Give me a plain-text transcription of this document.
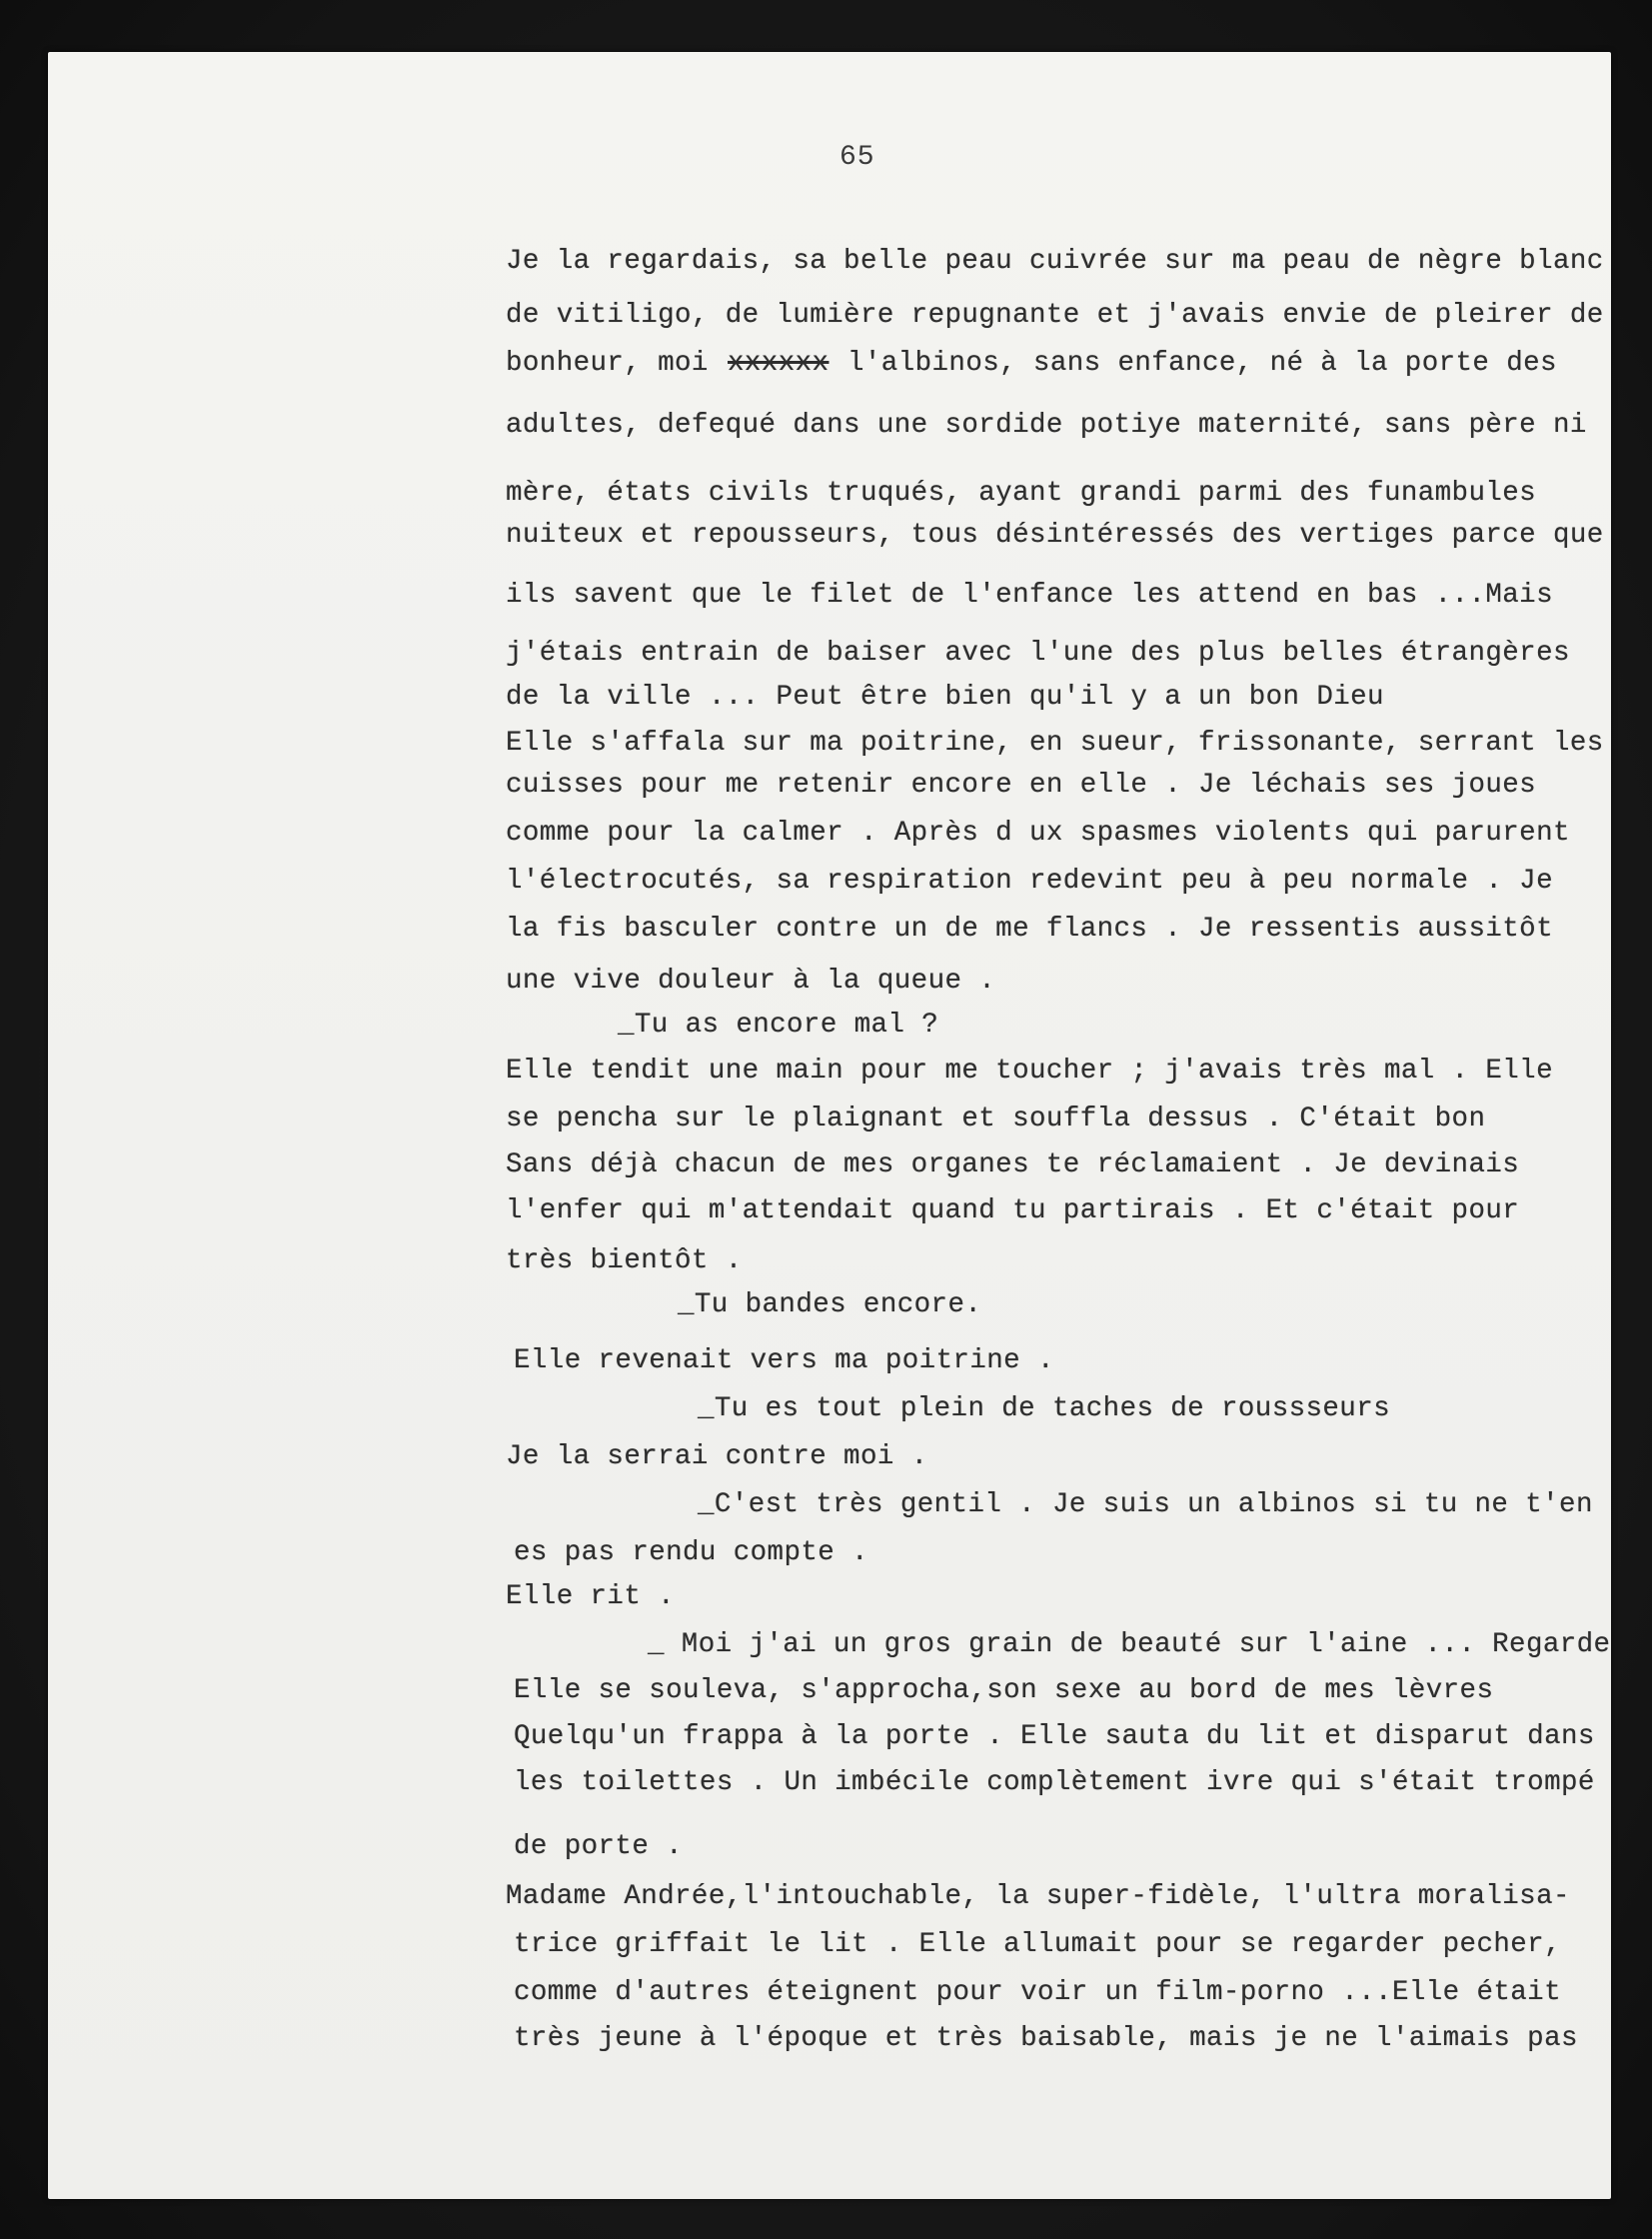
65
Je la regardais, sa belle peau cuivrée sur ma peau de nègre blanc
de vitiligo, de lumière repugnante et j'avais envie de pleirer de
bonheur, moi xxxxxx l'albinos, sans enfance, né à la porte des
adultes, defequé dans une sordide potiye maternité, sans père ni
mère, états civils truqués, ayant grandi parmi des funambules
nuiteux et repousseurs, tous désintéressés des vertiges parce que
ils savent que le filet de l'enfance les attend en bas ...Mais
j'étais entrain de baiser avec l'une des plus belles étrangères
de la ville ... Peut être bien qu'il y a un bon Dieu
Elle s'affala sur ma poitrine, en sueur, frissonante, serrant les
cuisses pour me retenir encore en elle . Je léchais ses joues
comme pour la calmer . Après d ux spasmes violents qui parurent
l'électrocutés, sa respiration redevint peu à peu normale . Je
la fis basculer contre un de me flancs . Je ressentis aussitôt
une vive douleur à la queue .
_Tu as encore mal ?
Elle tendit une main pour me toucher ; j'avais très mal . Elle
se pencha sur le plaignant et souffla dessus . C'était bon
Sans déjà chacun de mes organes te réclamaient . Je devinais
l'enfer qui m'attendait quand tu partirais . Et c'était pour
très bientôt .
_Tu bandes encore.
Elle revenait vers ma poitrine .
_Tu es tout plein de taches de roussseurs
Je la serrai contre moi .
_C'est très gentil . Je suis un albinos si tu ne t'en
es pas rendu compte .
Elle rit .
_ Moi j'ai un gros grain de beauté sur l'aine ... Regarde
Elle se souleva, s'approcha,son sexe au bord de mes lèvres
Quelqu'un frappa à la porte . Elle sauta du lit et disparut dans
les toilettes . Un imbécile complètement ivre qui s'était trompé
de porte .
Madame Andrée,l'intouchable, la super-fidèle, l'ultra moralisa-
trice griffait le lit . Elle allumait pour se regarder pecher,
comme d'autres éteignent pour voir un film-porno ...Elle était
très jeune à l'époque et très baisable, mais je ne l'aimais pas
